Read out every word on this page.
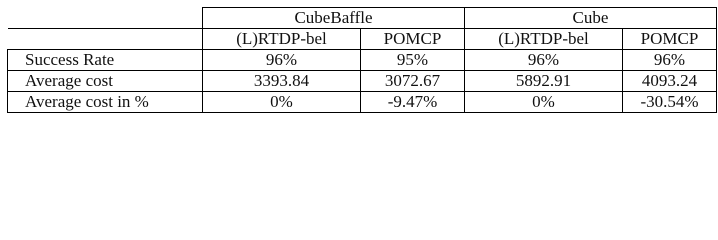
	CubeBaffle		Cube	
	(L)RTDP-bel	POMCP	(L)RTDP-bel	POMCP
Success Rate	96%	95%	96%	96%
Average cost	3393.84	3072.67	5892.91	4093.24
Average cost in %	0%	-9.47%	0%	-30.54%
